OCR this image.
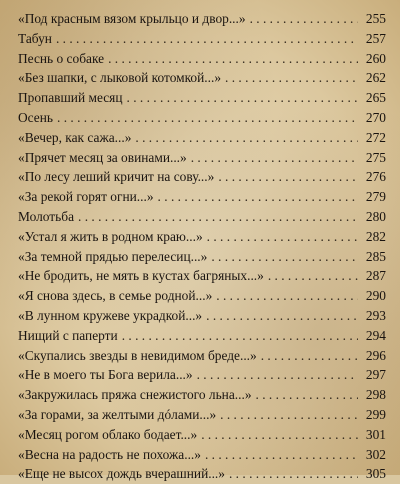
«Под красным вязом крыльцо и двор...» . . .	255
Табун . . .	257
Песнь о собаке . . .	260
«Без шапки, с лыковой котомкой...» . . .	262
Пропавший месяц . . .	265
Осень . . .	270
«Вечер, как сажа...» . . .	272
«Прячет месяц за овинами...» . . .	275
«По лесу леший кричит на сову...» . . .	276
«За рекой горят огни...» . . .	279
Молотьба . . .	280
«Устал я жить в родном краю...» . . .	282
«За темной прядью перелесиц...» . . .	285
«Не бродить, не мять в кустах багряных...» . . .	287
«Я снова здесь, в семье родной...» . . .	290
«В лунном кружеве украдкой...» . . .	293
Нищий с паперти . . .	294
«Скупались звезды в невидимом бреде...» . . .	296
«Не в моего ты Бога верила...» . . .	297
«Закружилась пряжа снежистого льна...» . . .	298
«За горами, за желтыми дóлами...» . . .	299
«Месяц рогом облако бодает...» . . .	301
«Весна на радость не похожа...» . . .	302
«Еще не высох дождь вчерашний...» . . .	305
